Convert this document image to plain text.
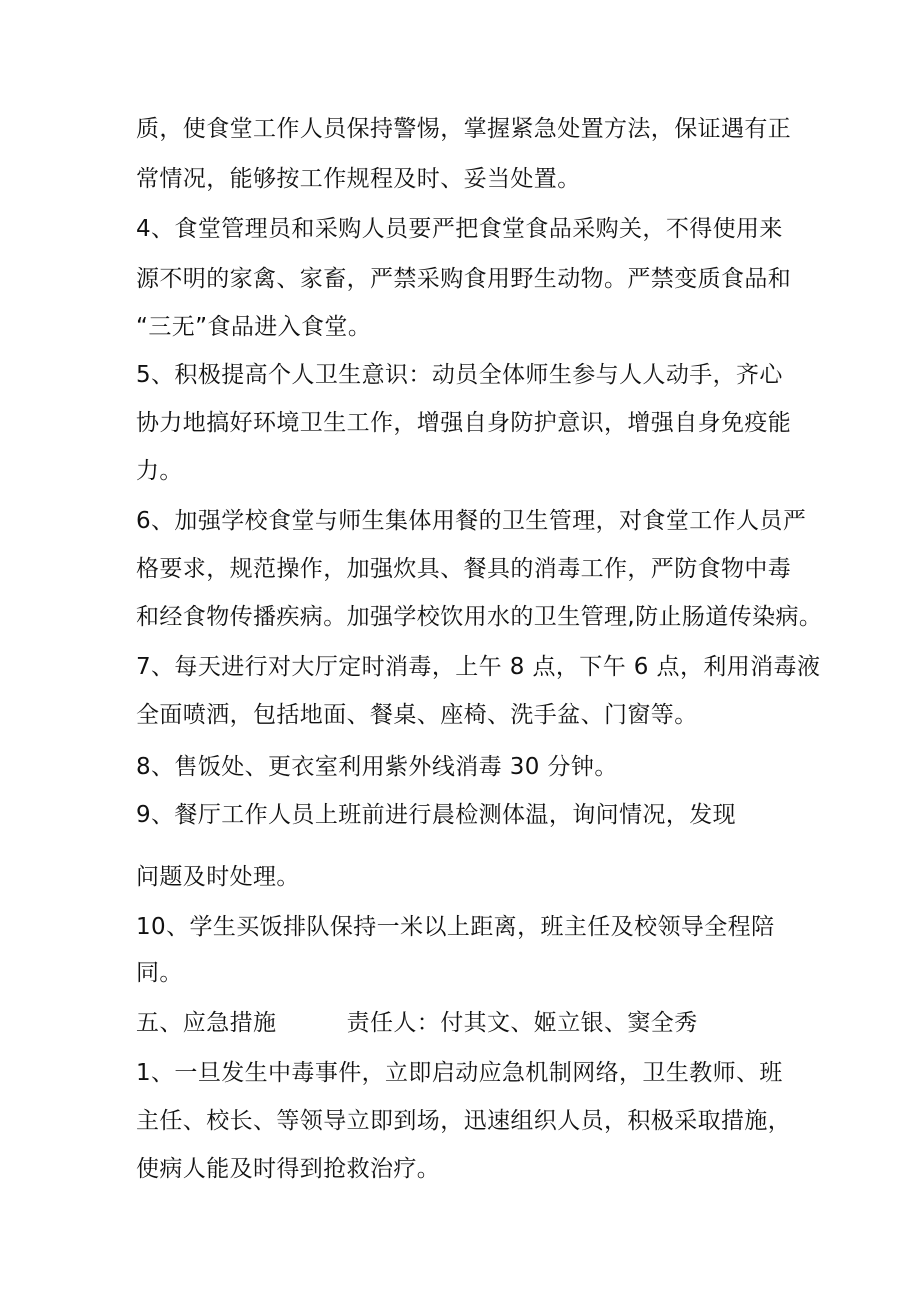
质，使食堂工作人员保持警惕，掌握紧急处置方法，保证遇有正
常情况，能够按工作规程及时、妥当处置。
4、食堂管理员和采购人员要严把食堂食品采购关，不得使用来
源不明的家禽、家畜，严禁采购食用野生动物。严禁变质食品和
“三无”食品进入食堂。
5、积极提高个人卫生意识：动员全体师生参与人人动手，齐心
协力地搞好环境卫生工作，增强自身防护意识，增强自身免疫能
力。
6、加强学校食堂与师生集体用餐的卫生管理，对食堂工作人员严
格要求，规范操作，加强炊具、餐具的消毒工作，严防食物中毒
和经食物传播疾病。加强学校饮用水的卫生管理,防止肠道传染病。
7、每天进行对大厅定时消毒，上午 8 点，下午 6 点，利用消毒液
全面喷洒，包括地面、餐桌、座椅、洗手盆、门窗等。
8、售饭处、更衣室利用紫外线消毒 30 分钟。
9、餐厅工作人员上班前进行晨检测体温，询问情况，发现
问题及时处理。
10、学生买饭排队保持一米以上距离，班主任及校领导全程陪
同。
五、应急措施　　　责任人：付其文、姬立银、窦全秀
1、一旦发生中毒事件，立即启动应急机制网络，卫生教师、班
主任、校长、等领导立即到场，迅速组织人员，积极采取措施，
使病人能及时得到抢救治疗。
